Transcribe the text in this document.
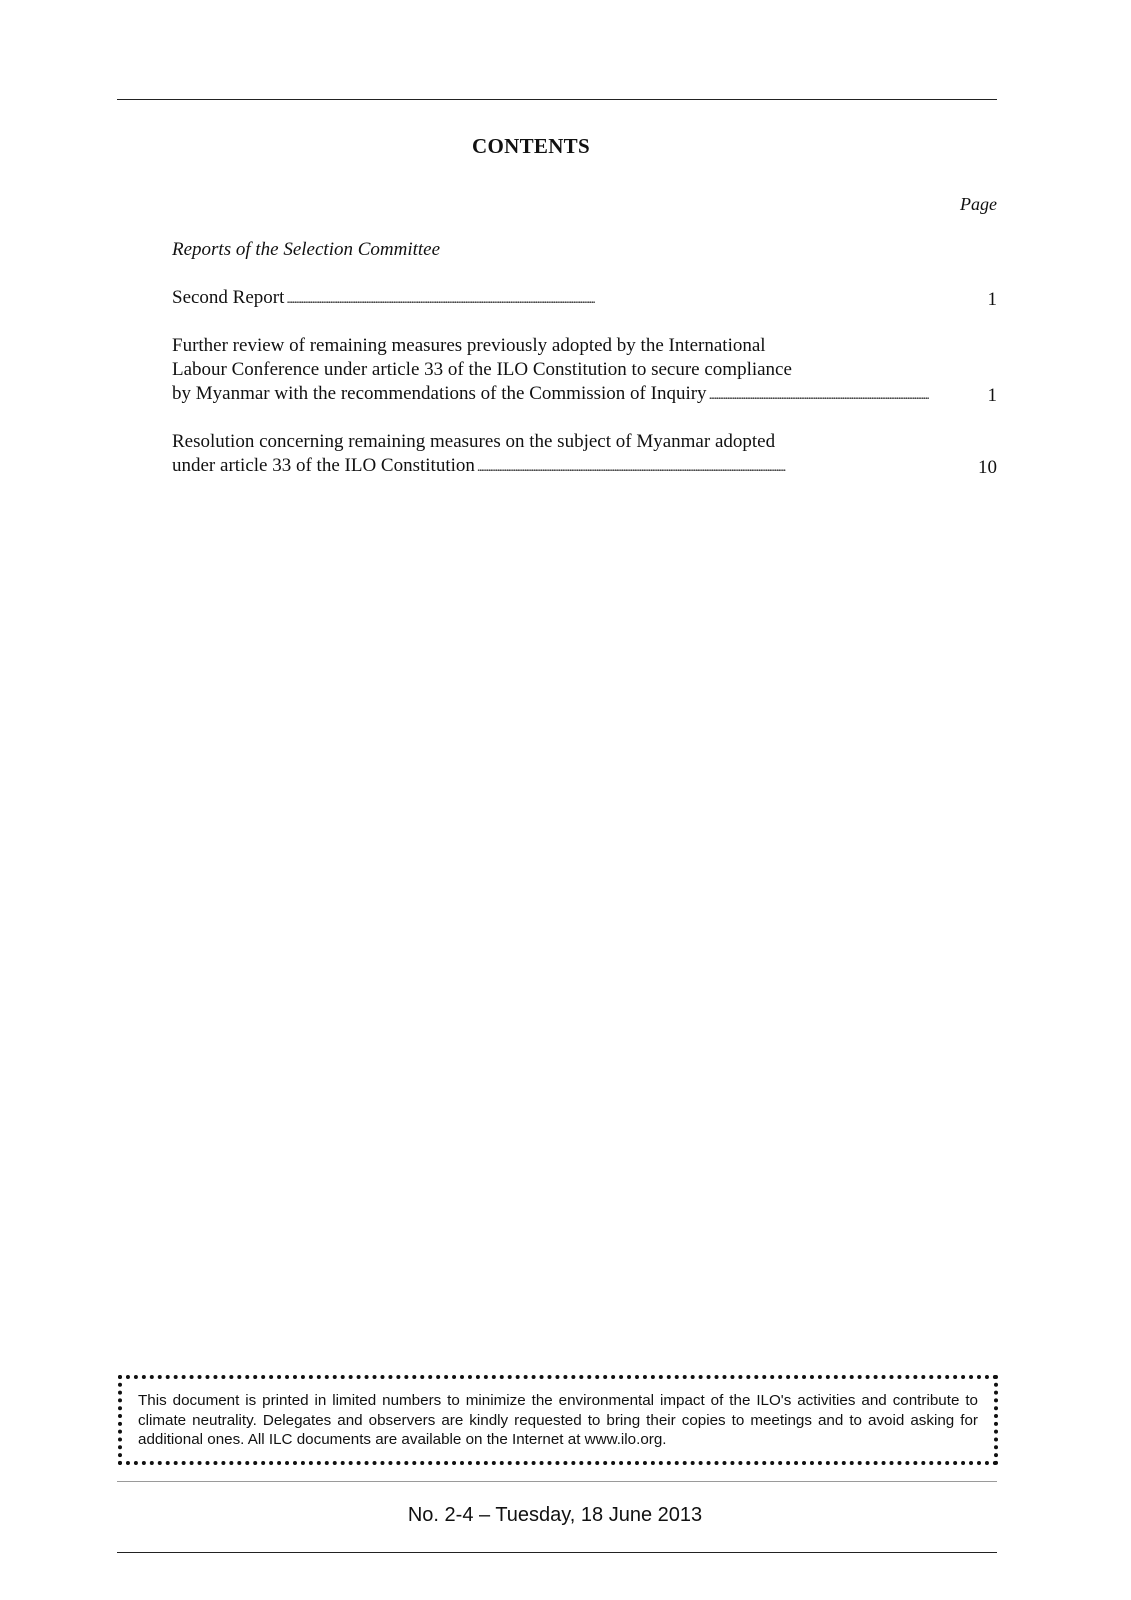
CONTENTS
Page
Reports of the Selection Committee
Second Report . . .	1
Further review of remaining measures previously adopted by the International
Labour Conference under article 33 of the ILO Constitution to secure compliance
by Myanmar with the recommendations of the Commission of Inquiry . . .	1
Resolution concerning remaining measures on the subject of Myanmar adopted
under article 33 of the ILO Constitution . . .	10
This document is printed in limited numbers to minimize the environmental impact of the ILO's activities and contribute to climate neutrality. Delegates and observers are kindly requested to bring their copies to meetings and to avoid asking for additional ones. All ILC documents are available on the Internet at www.ilo.org.
No. 2-4 – Tuesday, 18 June 2013
